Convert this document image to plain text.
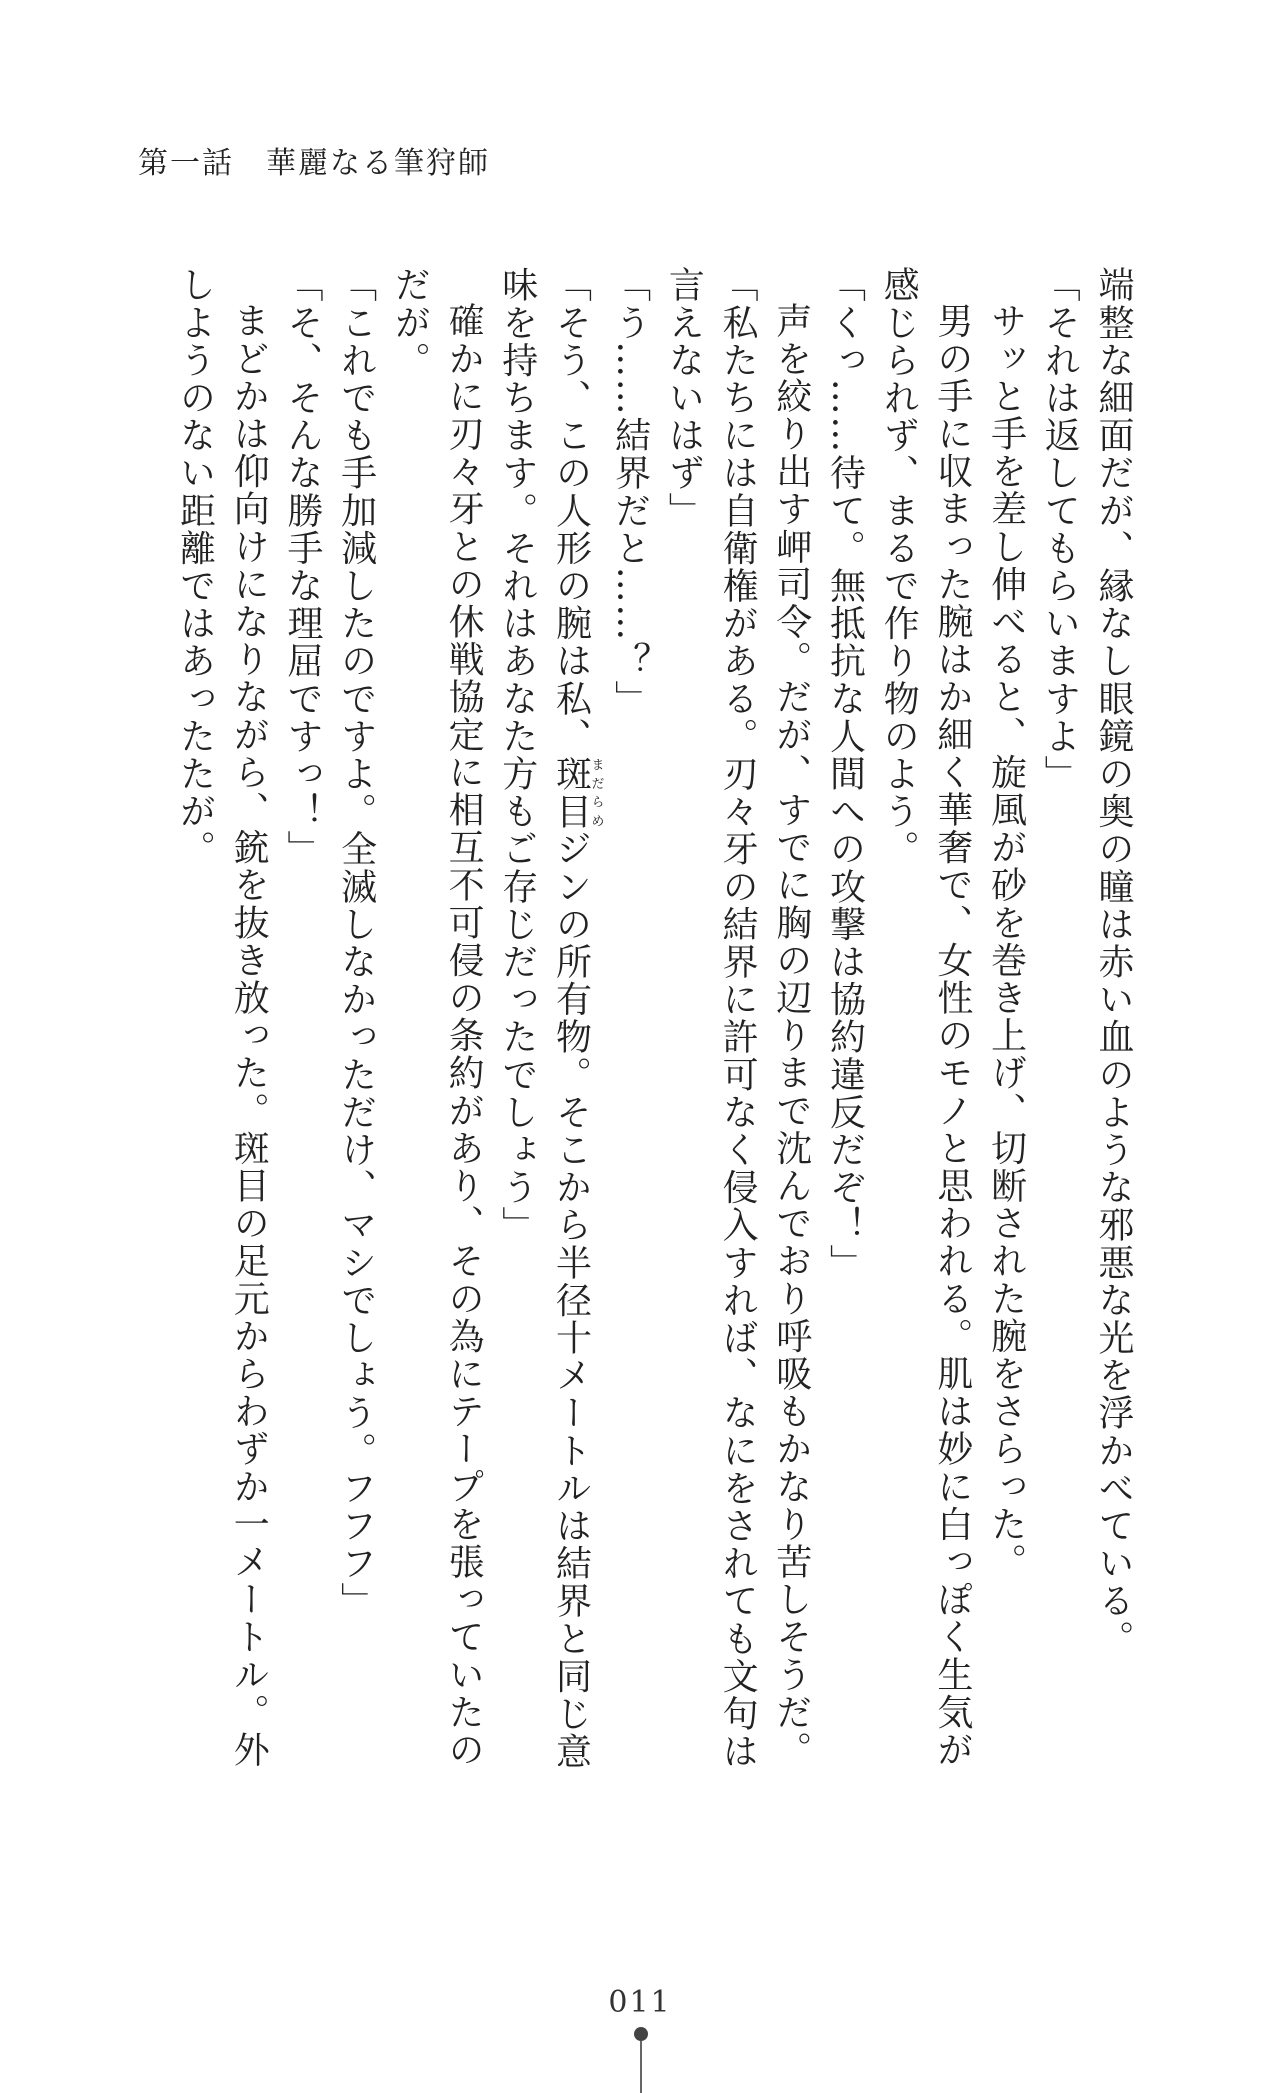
第一話　華麗なる筆狩師
端整な細面だが、縁なし眼鏡の奥の瞳は赤い血のような邪悪な光を浮かべている。
「それは返してもらいますよ」
サッと手を差し伸べると、旋風が砂を巻き上げ、切断された腕をさらった。
男の手に収まった腕はか細く華奢で、女性のモノと思われる。肌は妙に白っぽく生気が
感じられず、まるで作り物のよう。
「くっ……待て。無抵抗な人間への攻撃は協約違反だぞ！」
声を絞り出す岬司令。だが、すでに胸の辺りまで沈んでおり呼吸もかなり苦しそうだ。
「私たちには自衛権がある。刃々牙の結界に許可なく侵入すれば、なにをされても文句は
言えないはず」
「う……結界だと……？」
「そう、この人形の腕は私、斑目まだらめジンの所有物。そこから半径十メートルは結界と同じ意
味を持ちます。それはあなた方もご存じだったでしょう」
確かに刃々牙との休戦協定に相互不可侵の条約があり、その為にテープを張っていたの
だが。
「これでも手加減したのですよ。全滅しなかっただけ、マシでしょう。フフフ」
「そ、そんな勝手な理屈ですっ！」
まどかは仰向けになりながら、銃を抜き放った。斑目の足元からわずか一メートル。外
しようのない距離ではあったたが。
011
